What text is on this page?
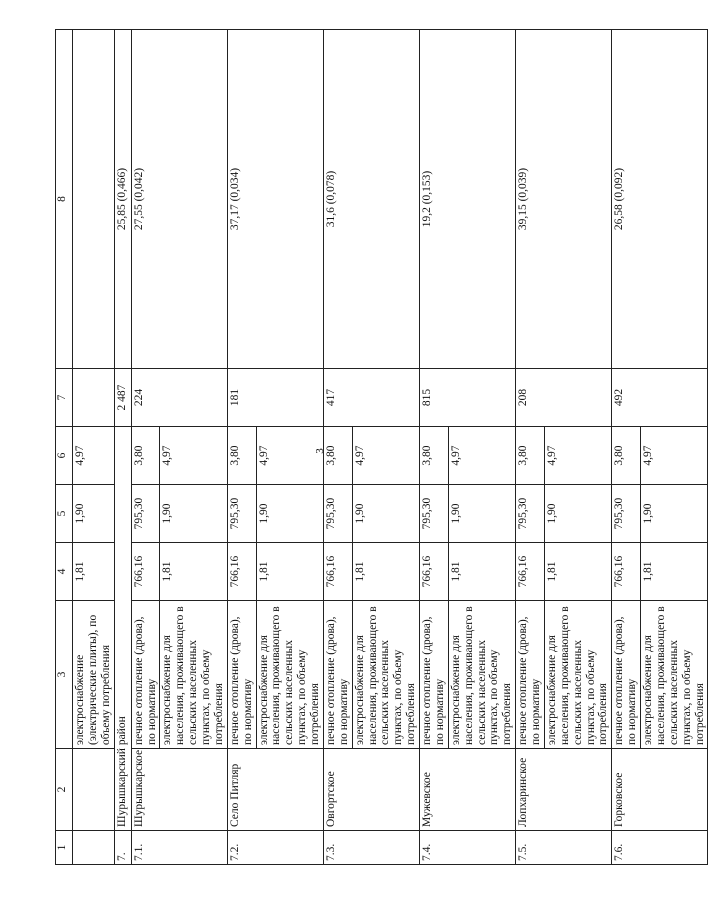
3
1	2	3	4	5	6	7	8
		электроснабжение (электрические плиты), по объему потребления	1,81	1,90	4,97		
7.	Шурышкарский район					2 487	25,85 (0,466)
7.1.	Шурышкарское	печное отопление (дрова), по нормативу	766,16	795,30	3,80	224	27,55 (0,042)
		электроснабжение для населения, проживающего в сельских населенных пунктах, по объему потребления	1,81	1,90	4,97		
7.2.	Село Питляр	печное отопление (дрова), по нормативу	766,16	795,30	3,80	181	37,17 (0,034)
		электроснабжение для населения, проживающего в сельских населенных пунктах, по объему потребления	1,81	1,90	4,97		
7.3.	Овгортское	печное отопление (дрова), по нормативу	766,16	795,30	3,80	417	31,6 (0,078)
		электроснабжение для населения, проживающего в сельских населенных пунктах, по объему потребления	1,81	1,90	4,97		
7.4.	Мужевское	печное отопление (дрова), по нормативу	766,16	795,30	3,80	815	19,2 (0,153)
		электроснабжение для населения, проживающего в сельских населенных пунктах, по объему потребления	1,81	1,90	4,97		
7.5.	Лопхаринское	печное отопление (дрова), по нормативу	766,16	795,30	3,80	208	39,15 (0,039)
		электроснабжение для населения, проживающего в сельских населенных пунктах, по объему потребления	1,81	1,90	4,97		
7.6.	Горковское	печное отопление (дрова), по нормативу	766,16	795,30	3,80	492	26,58 (0,092)
		электроснабжение для населения, проживающего в сельских населенных пунктах, по объему потребления	1,81	1,90	4,97		
